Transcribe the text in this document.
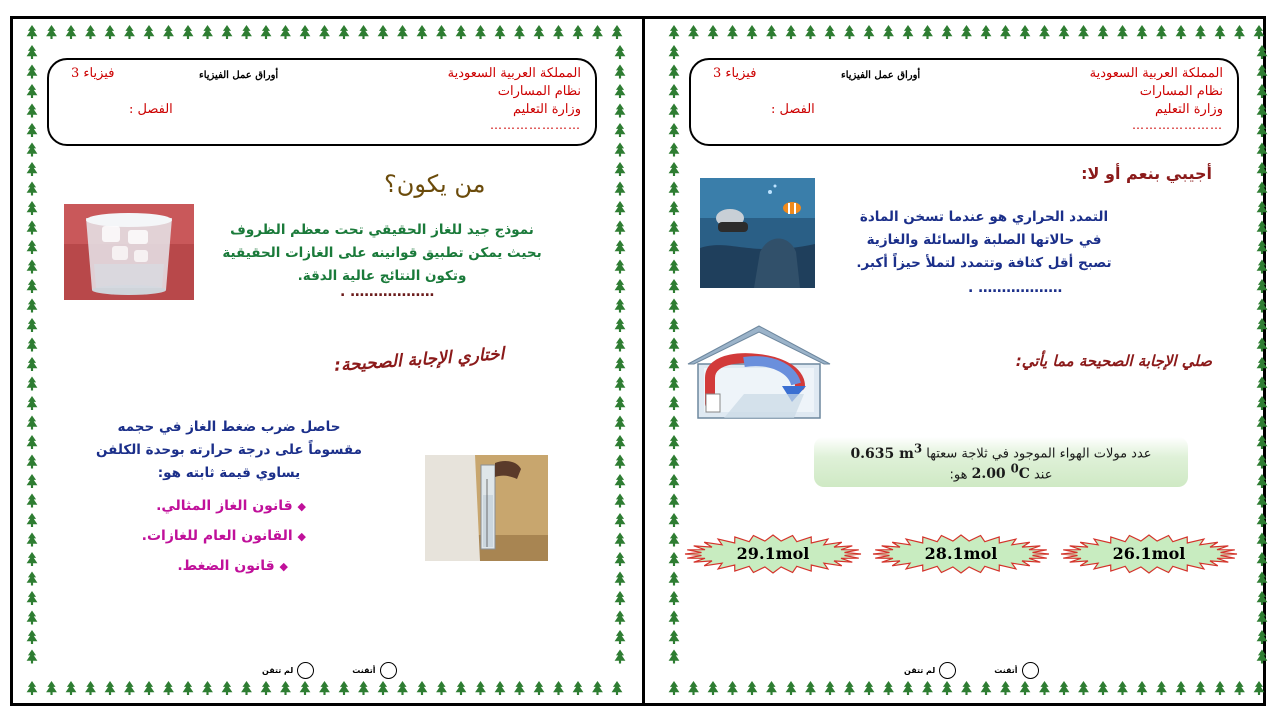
المملكة العربية السعودية
نظام المسارات
وزارة التعليم
…………………
أوراق عمل الفيزياء
فيزياء 3
الفصل :
من يكون؟
نموذج جيد للغاز الحقيقي تحت معظم الظروف
بحيث يمكن تطبيق قوانينه على الغازات الحقيقية
وتكون النتائج عالية الدقة.
. ………………
اختاري الإجابة الصحيحة:
حاصل ضرب ضغط الغاز في حجمه
مقسوماً على درجة حرارته بوحدة الكلفن
يساوي قيمة ثابته هو:
◆ قانون الغاز المثالي.
◆ القانون العام للغازات.
◆ قانون الضغط.
لم تتقن	أتقنت
المملكة العربية السعودية
نظام المسارات
وزارة التعليم
…………………
أوراق عمل الفيزياء
فيزياء 3
الفصل :
أجيبي بنعم أو لا:
التمدد الحراري هو عندما تسخن المادة
في حالاتها الصلبة والسائلة والغازية
تصبح أقل كثافة وتتمدد لتملأ حيزاً أكبر.
. ………………
صلي الإجابة الصحيحة مما يأتي:
عدد مولات الهواء الموجود في ثلاجة سعتها 0.635 $m^3$
عند 2.00 $^0$C هو:
29.1mol	28.1mol	26.1mol
لم تتقن	أتقنت
